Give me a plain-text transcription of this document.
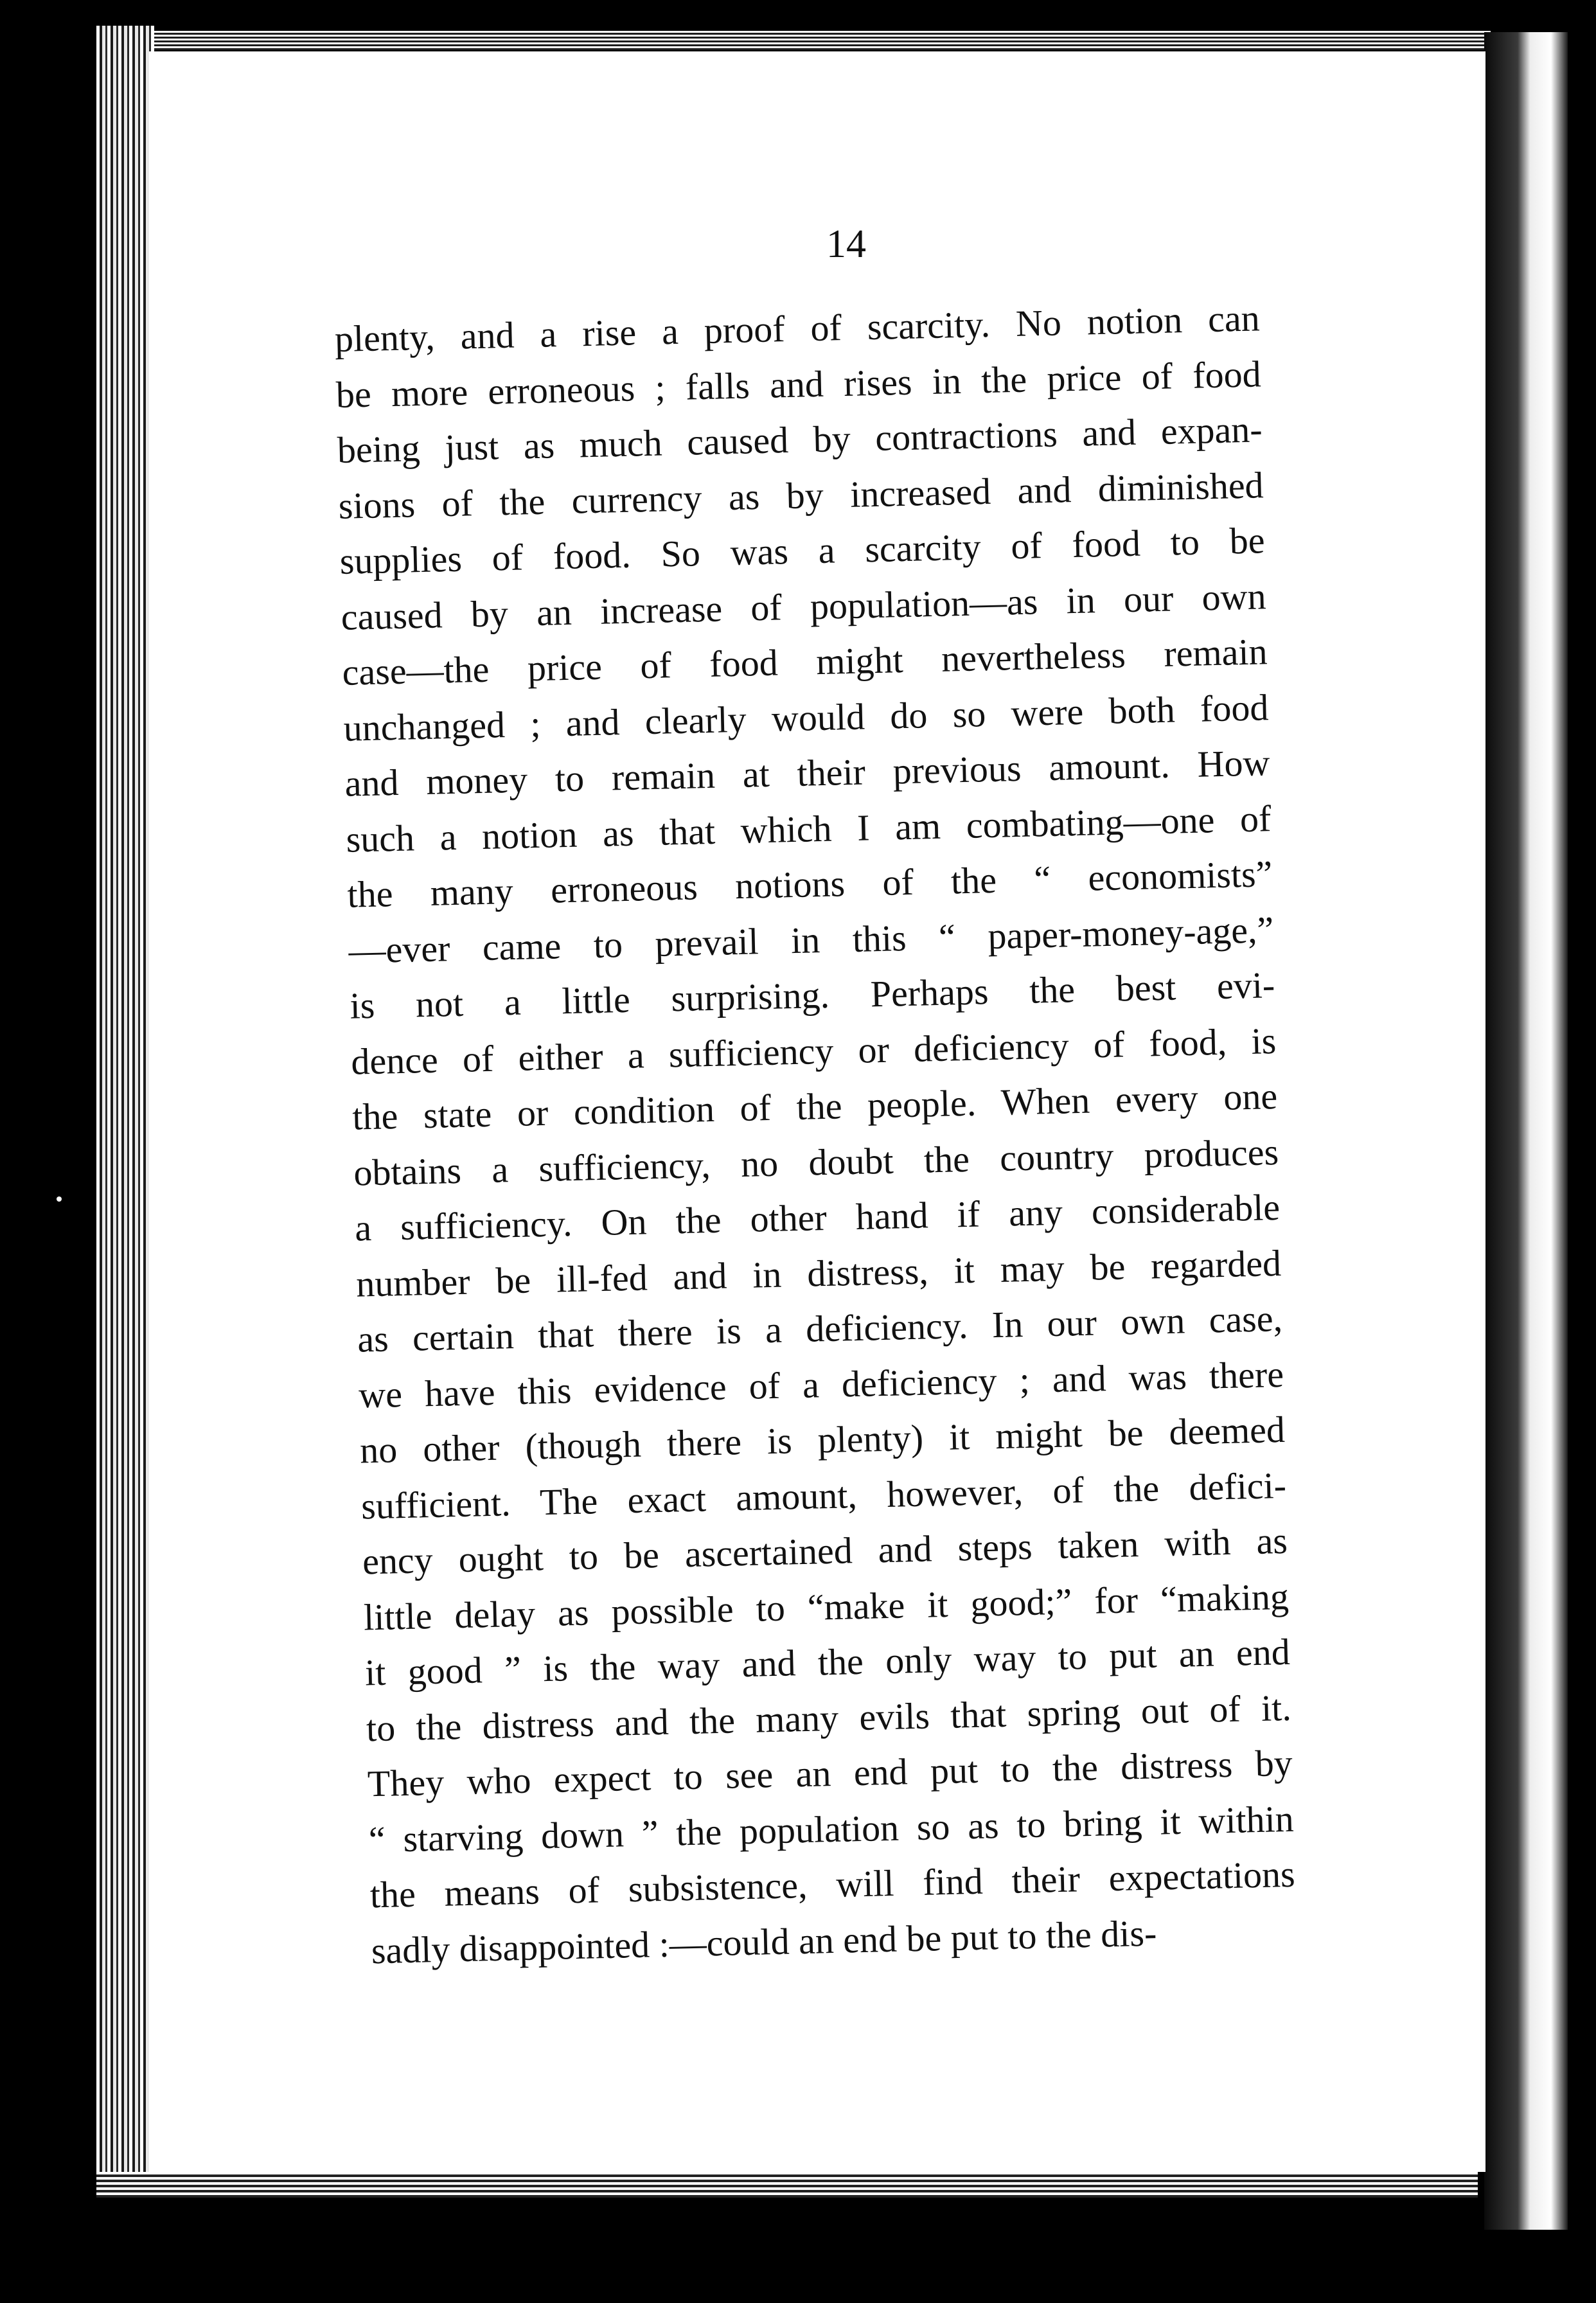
14
plenty, and a rise a proof of scarcity. No notion can
be more erroneous ; falls and rises in the price of food
being just as much caused by contractions and expan-
sions of the currency as by increased and diminished
supplies of food. So was a scarcity of food to be
caused by an increase of population—as in our own
case—the price of food might nevertheless remain
unchanged ; and clearly would do so were both food
and money to remain at their previous amount. How
such a notion as that which I am combating—one of
the many erroneous notions of the “ economists”
—ever came to prevail in this “ paper-money-age,”
is not a little surprising. Perhaps the best evi-
dence of either a sufficiency or deficiency of food, is
the state or condition of the people. When every one
obtains a sufficiency, no doubt the country produces
a sufficiency. On the other hand if any considerable
number be ill-fed and in distress, it may be regarded
as certain that there is a deficiency. In our own case,
we have this evidence of a deficiency ; and was there
no other (though there is plenty) it might be deemed
sufficient. The exact amount, however, of the defici-
ency ought to be ascertained and steps taken with as
little delay as possible to “make it good;” for “making
it good ” is the way and the only way to put an end
to the distress and the many evils that spring out of it.
They who expect to see an end put to the distress by
“ starving down ” the population so as to bring it within
the means of subsistence, will find their expectations
sadly disappointed :—could an end be put to the dis-
